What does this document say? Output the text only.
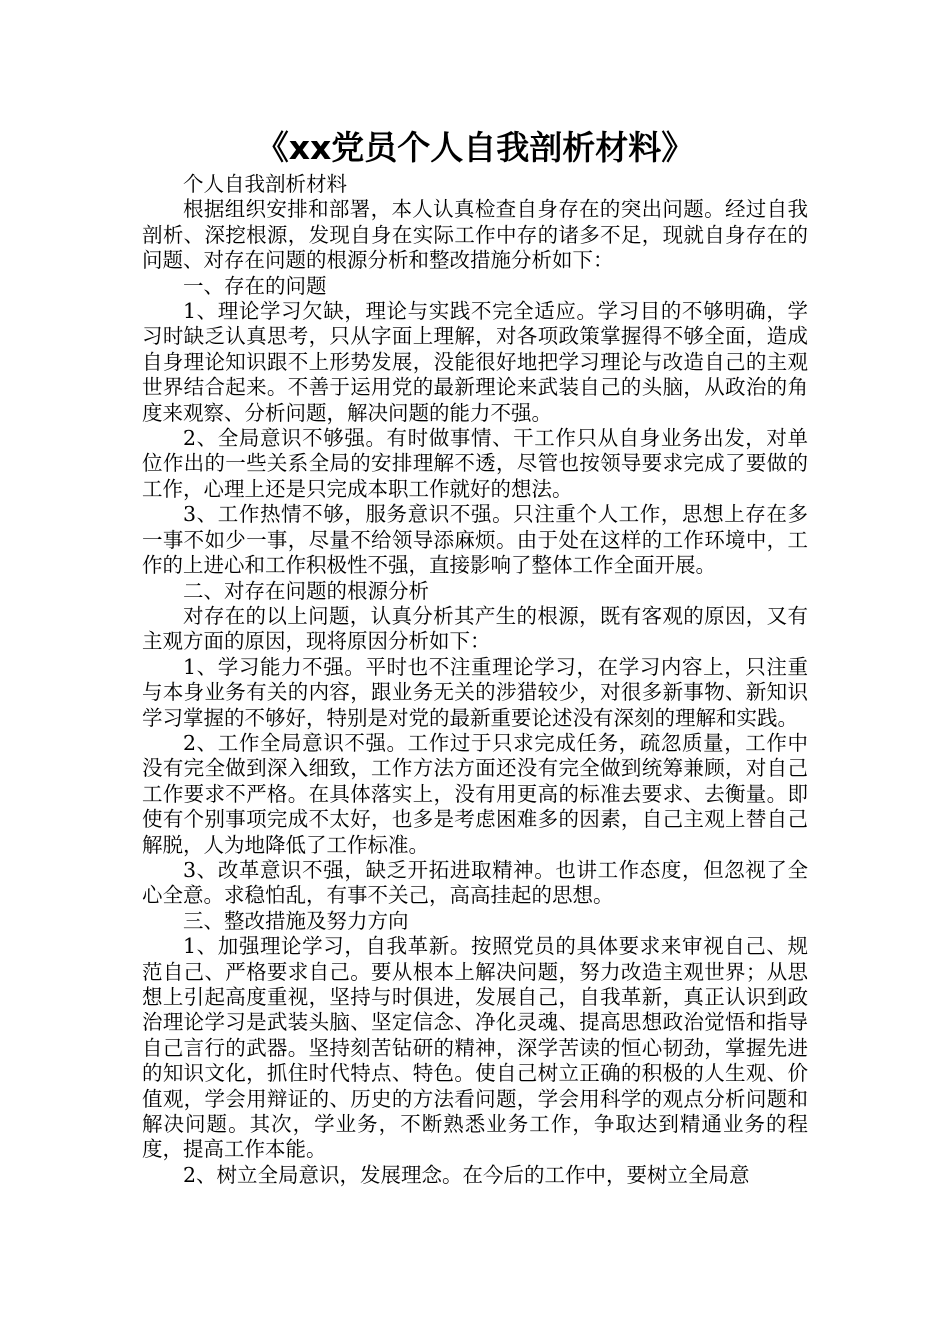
《xx党员个人自我剖析材料》

个人自我剖析材料

根据组织安排和部署，本人认真检查自身存在的突出问题。经过自我剖析、深挖根源，发现自身在实际工作中存的诸多不足，现就自身存在的问题、对存在问题的根源分析和整改措施分析如下：

一、存在的问题

1、理论学习欠缺，理论与实践不完全适应。学习目的不够明确，学习时缺乏认真思考，只从字面上理解，对各项政策掌握得不够全面，造成自身理论知识跟不上形势发展，没能很好地把学习理论与改造自己的主观世界结合起来。不善于运用党的最新理论来武装自己的头脑，从政治的角度来观察、分析问题，解决问题的能力不强。

2、全局意识不够强。有时做事情、干工作只从自身业务出发，对单位作出的一些关系全局的安排理解不透，尽管也按领导要求完成了要做的工作，心理上还是只完成本职工作就好的想法。

3、工作热情不够，服务意识不强。只注重个人工作，思想上存在多一事不如少一事，尽量不给领导添麻烦。由于处在这样的工作环境中，工作的上进心和工作积极性不强，直接影响了整体工作全面开展。

二、对存在问题的根源分析

对存在的以上问题，认真分析其产生的根源，既有客观的原因，又有主观方面的原因，现将原因分析如下：

1、学习能力不强。平时也不注重理论学习，在学习内容上，只注重与本身业务有关的内容，跟业务无关的涉猎较少，对很多新事物、新知识学习掌握的不够好，特别是对党的最新重要论述没有深刻的理解和实践。

2、工作全局意识不强。工作过于只求完成任务，疏忽质量，工作中没有完全做到深入细致，工作方法方面还没有完全做到统筹兼顾，对自己工作要求不严格。在具体落实上，没有用更高的标准去要求、去衡量。即使有个别事项完成不太好，也多是考虑困难多的因素，自己主观上替自己解脱，人为地降低了工作标准。

3、改革意识不强，缺乏开拓进取精神。也讲工作态度，但忽视了全心全意。求稳怕乱，有事不关己，高高挂起的思想。

三、整改措施及努力方向

1、加强理论学习，自我革新。按照党员的具体要求来审视自己、规范自己、严格要求自己。要从根本上解决问题，努力改造主观世界；从思想上引起高度重视，坚持与时俱进，发展自己，自我革新，真正认识到政治理论学习是武装头脑、坚定信念、净化灵魂、提高思想政治觉悟和指导自己言行的武器。坚持刻苦钻研的精神，深学苦读的恒心韧劲，掌握先进的知识文化，抓住时代特点、特色。使自己树立正确的积极的人生观、价值观，学会用辩证的、历史的方法看问题，学会用科学的观点分析问题和解决问题。其次，学业务，不断熟悉业务工作，争取达到精通业务的程度，提高工作本能。

2、树立全局意识，发展理念。在今后的工作中，要树立全局意
